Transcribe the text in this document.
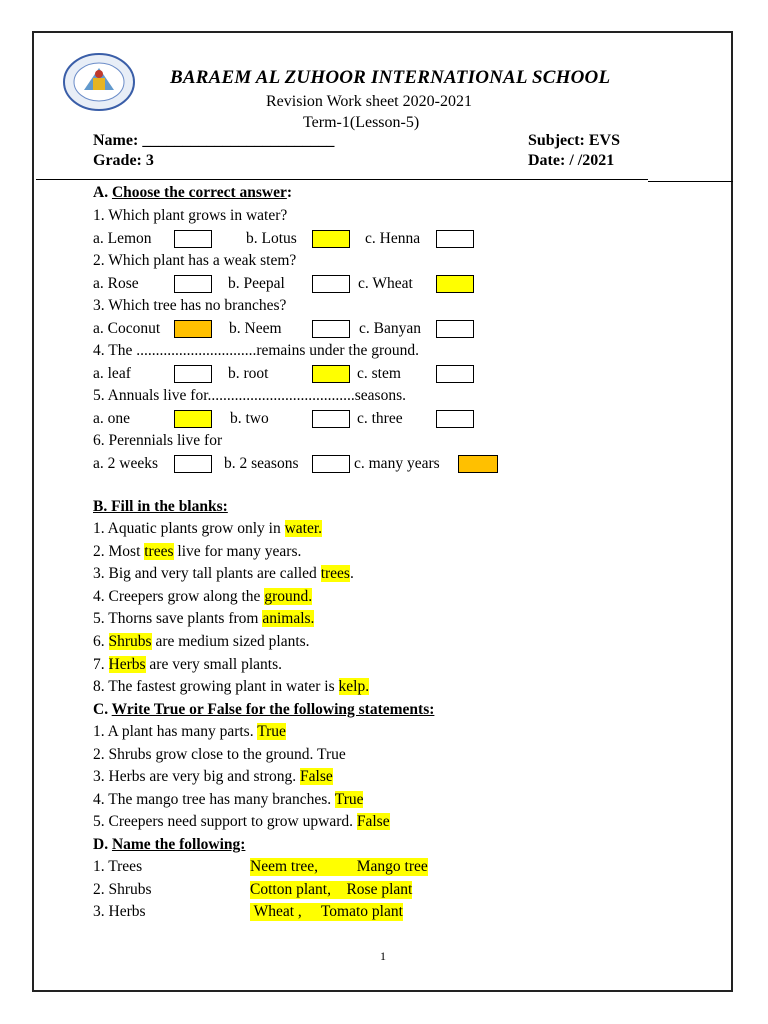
BARAEM AL ZUHOOR INTERNATIONAL SCHOOL
Revision Work sheet 2020-2021
Term-1(Lesson-5)
Name: ________________________	Subject: EVS
Grade: 3	Date: / /2021
A. Choose the correct answer:
1. Which plant grows in water?
a. Lemon	b. Lotus	c. Henna
2. Which plant has a weak stem?
a. Rose	b. Peepal	c. Wheat
3. Which tree has no branches?
a. Coconut	b. Neem	c. Banyan
4. The ...............................remains under the ground.
a. leaf	b. root	c. stem
5. Annuals live for......................................seasons.
a. one	b. two	c. three
6. Perennials live for
a. 2 weeks	b. 2 seasons	c. many years
B. Fill in the blanks:
1. Aquatic plants grow only in water.
2. Most trees live for many years.
3. Big and very tall plants are called trees.
4. Creepers grow along the ground.
5. Thorns save plants from animals.
6. Shrubs are medium sized plants.
7. Herbs are very small plants.
8. The fastest growing plant in water is kelp.
C. Write True or False for the following statements:
1. A plant has many parts. True
2. Shrubs grow close to the ground. True
3. Herbs are very big and strong. False
4. The mango tree has many branches. True
5. Creepers need support to grow upward. False
D. Name the following:
1. Trees	Neem tree,          Mango tree
2. Shrubs	Cotton plant,    Rose plant
3. Herbs	Wheat ,     Tomato plant
1
